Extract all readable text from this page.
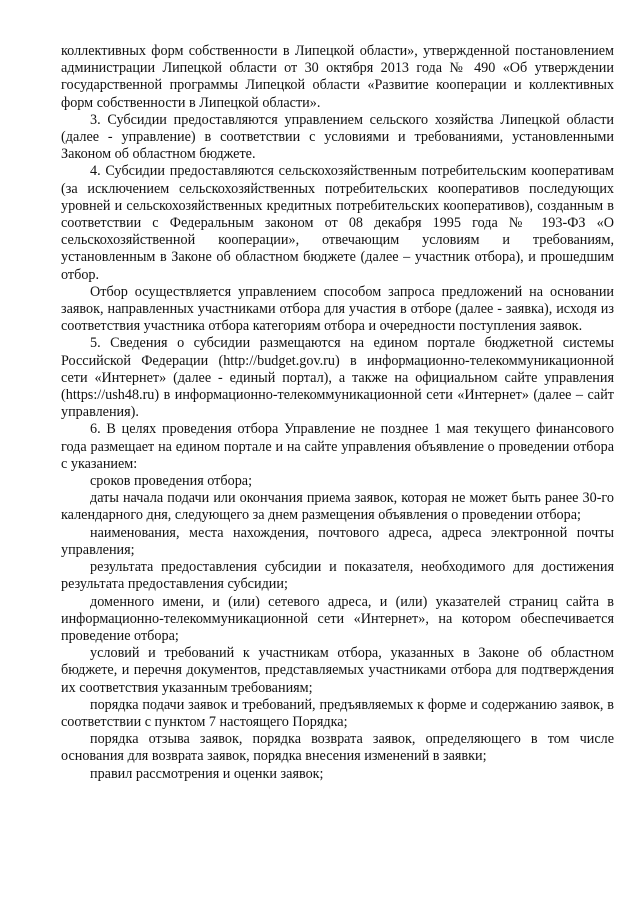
коллективных форм собственности в Липецкой области», утвержденной постановлением администрации Липецкой области от 30 октября 2013 года № 490 «Об утверждении государственной программы Липецкой области «Развитие кооперации и коллективных форм собственности в Липецкой области».

3. Субсидии предоставляются управлением сельского хозяйства Липецкой области (далее - управление) в соответствии с условиями и требованиями, установленными Законом об областном бюджете.

4. Субсидии предоставляются сельскохозяйственным потребительским кооперативам (за исключением сельскохозяйственных потребительских кооперативов последующих уровней и сельскохозяйственных кредитных потребительских кооперативов), созданным в соответствии с Федеральным законом от 08 декабря 1995 года № 193-ФЗ «О сельскохозяйственной кооперации», отвечающим условиям и требованиям, установленным в Законе об областном бюджете (далее – участник отбора), и прошедшим отбор.

Отбор осуществляется управлением способом запроса предложений на основании заявок, направленных участниками отбора для участия в отборе (далее - заявка), исходя из соответствия участника отбора категориям отбора и очередности поступления заявок.

5. Сведения о субсидии размещаются на едином портале бюджетной системы Российской Федерации (http://budget.gov.ru) в информационно-телекоммуникационной сети «Интернет» (далее - единый портал), а также на официальном сайте управления (https://ush48.ru) в информационно-телекоммуникационной сети «Интернет» (далее – сайт управления).

6. В целях проведения отбора Управление не позднее 1 мая текущего финансового года размещает на едином портале и на сайте управления объявление о проведении отбора с указанием:

сроков проведения отбора;

даты начала подачи или окончания приема заявок, которая не может быть ранее 30-го календарного дня, следующего за днем размещения объявления о проведении отбора;

наименования, места нахождения, почтового адреса, адреса электронной почты управления;

результата предоставления субсидии и показателя, необходимого для достижения результата предоставления субсидии;

доменного имени, и (или) сетевого адреса, и (или) указателей страниц сайта в информационно-телекоммуникационной сети «Интернет», на котором обеспечивается проведение отбора;

условий и требований к участникам отбора, указанных в Законе об областном бюджете, и перечня документов, представляемых участниками отбора для подтверждения их соответствия указанным требованиям;

порядка подачи заявок и требований, предъявляемых к форме и содержанию заявок, в соответствии с пунктом 7 настоящего Порядка;

порядка отзыва заявок, порядка возврата заявок, определяющего в том числе основания для возврата заявок, порядка внесения изменений в заявки;

правил рассмотрения и оценки заявок;
